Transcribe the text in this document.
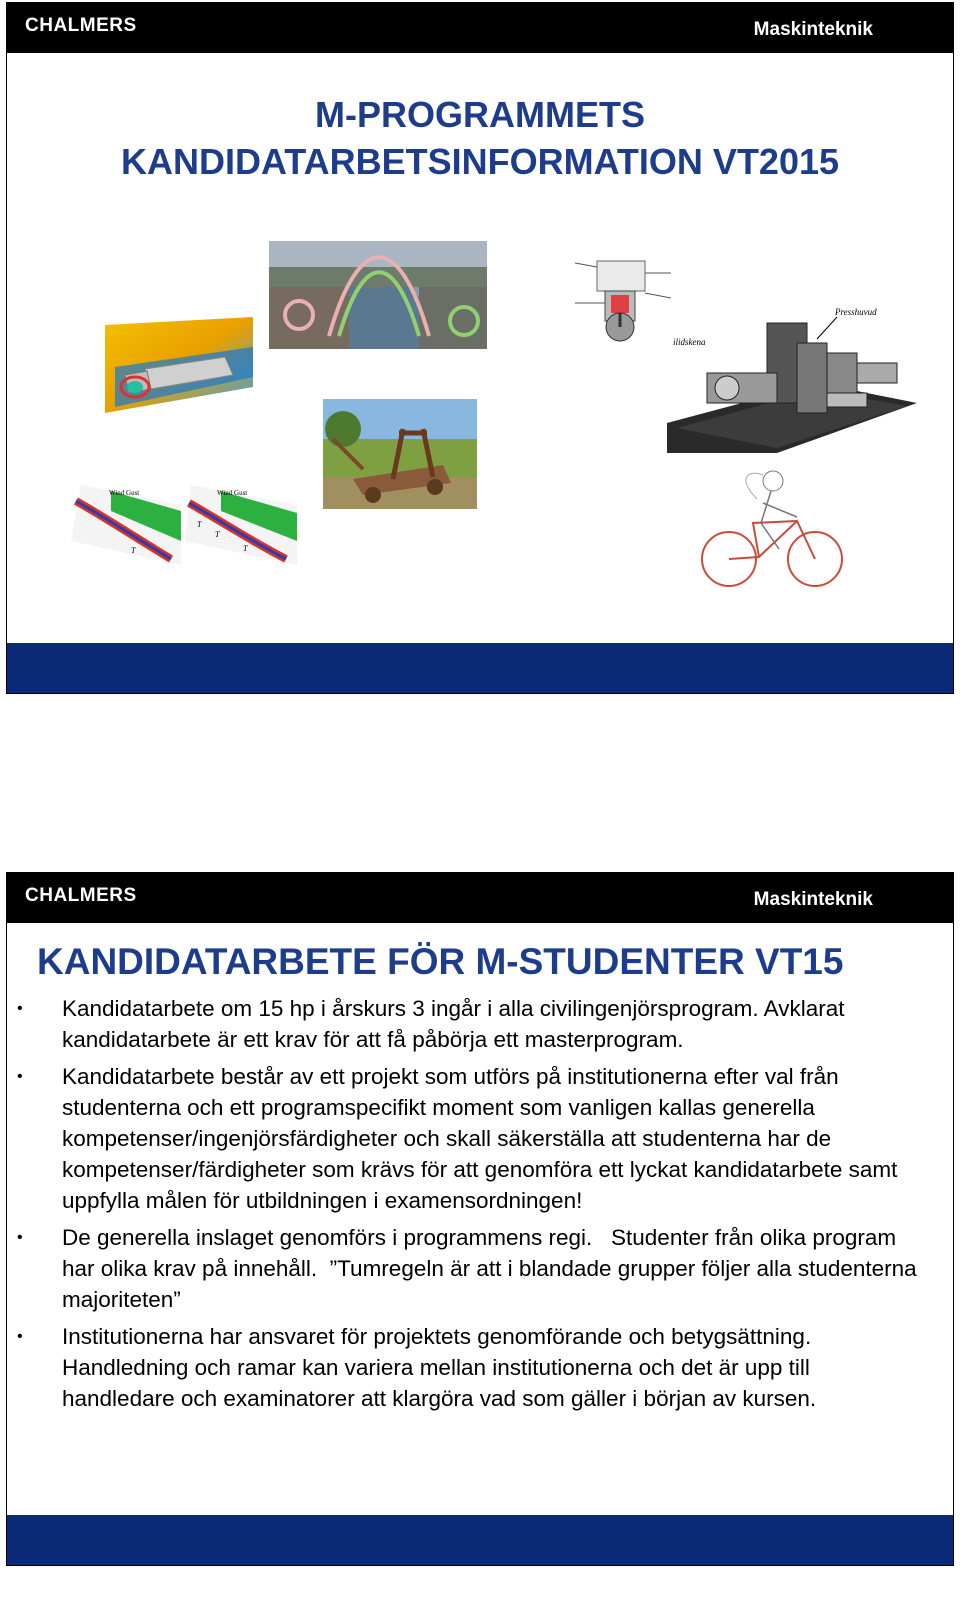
CHALMERS	Maskinteknik
M-PROGRAMMETS
KANDIDATARBETSINFORMATION VT2015
Presshuvud
ilidskena
Wind Gust	Wind Gust
T
T
T
T
CHALMERS	Maskinteknik
KANDIDATARBETE FÖR M-STUDENTER VT15
• Kandidatarbete om 15 hp i årskurs 3 ingår i alla civilingenjörsprogram. Avklarat kandidatarbete är ett krav för att få påbörja ett masterprogram.
• Kandidatarbete består av ett projekt som utförs på institutionerna efter val från studenterna och ett programspecifikt moment som vanligen kallas generella kompetenser/ingenjörsfärdigheter och skall säkerställa att studenterna har de kompetenser/färdigheter som krävs för att genomföra ett lyckat kandidatarbete samt uppfylla målen för utbildningen i examensordningen!
• De generella inslaget genomförs i programmens regi.   Studenter från olika program har olika krav på innehåll.  ”Tumregeln är att i blandade grupper följer alla studenterna majoriteten”
• Institutionerna har ansvaret för projektets genomförande och betygsättning. Handledning och ramar kan variera mellan institutionerna och det är upp till handledare och examinatorer att klargöra vad som gäller i början av kursen.
